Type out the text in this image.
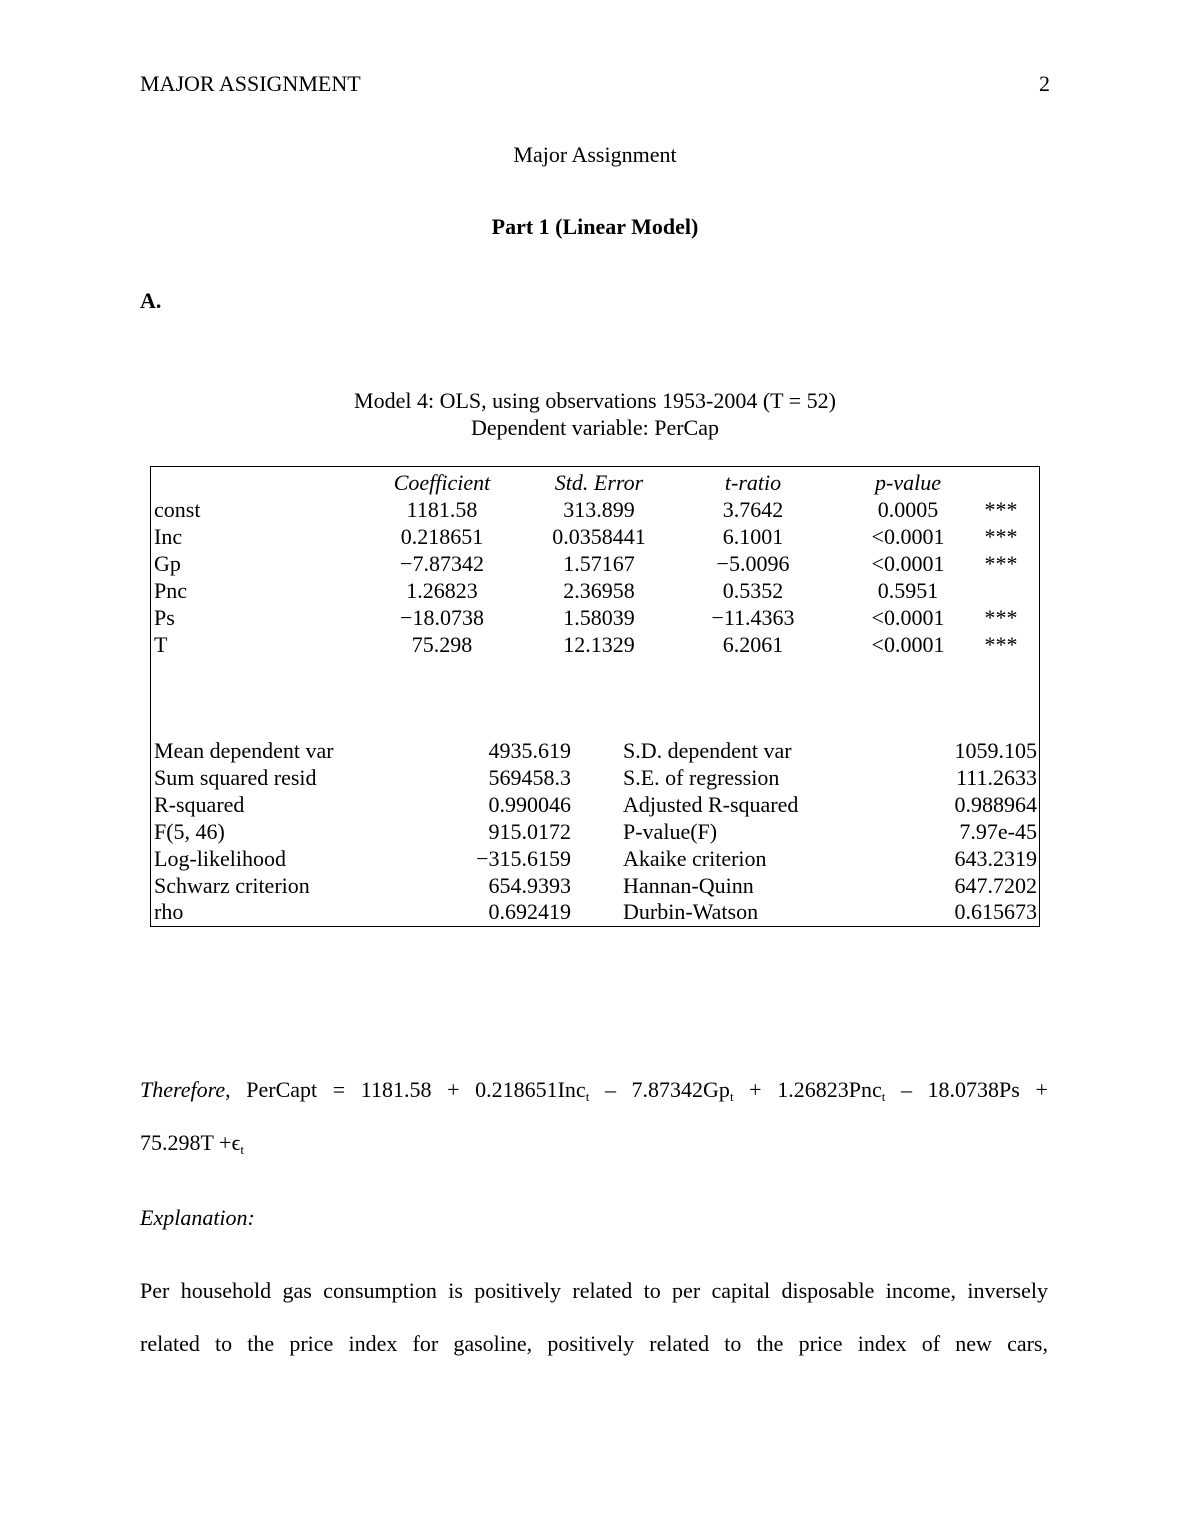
MAJOR ASSIGNMENT	2
Major Assignment
Part 1 (Linear Model)
A.
Model 4: OLS, using observations 1953-2004 (T = 52)
Dependent variable: PerCap
Coefficient	Std. Error	t-ratio	p-value
const	1181.58	313.899	3.7642	0.0005	***
Inc	0.218651	0.0358441	6.1001	<0.0001	***
Gp	−7.87342	1.57167	−5.0096	<0.0001	***
Pnc	1.26823	2.36958	0.5352	0.5951
Ps	−18.0738	1.58039	−11.4363	<0.0001	***
T	75.298	12.1329	6.2061	<0.0001	***
Mean dependent var	4935.619 S.D. dependent var	1059.105
Sum squared resid	569458.3 S.E. of regression	111.2633
R-squared	0.990046 Adjusted R-squared	0.988964
F(5, 46)	915.0172 P-value(F)	7.97e-45
Log-likelihood	−315.6159 Akaike criterion	643.2319
Schwarz criterion	654.9393 Hannan-Quinn	647.7202
rho	0.692419 Durbin-Watson	0.615673
Therefore, PerCapt = $1181.58 + 0.218651Inc_t - 7.87342Gp_t + 1.26823Pnc_t - 18.0738Ps$ +
$75.298T +\epsilon_t$
Explanation:
Per household gas consumption is positively related to per capital disposable income, inversely
related to the price index for gasoline, positively related to the price index of new cars,
